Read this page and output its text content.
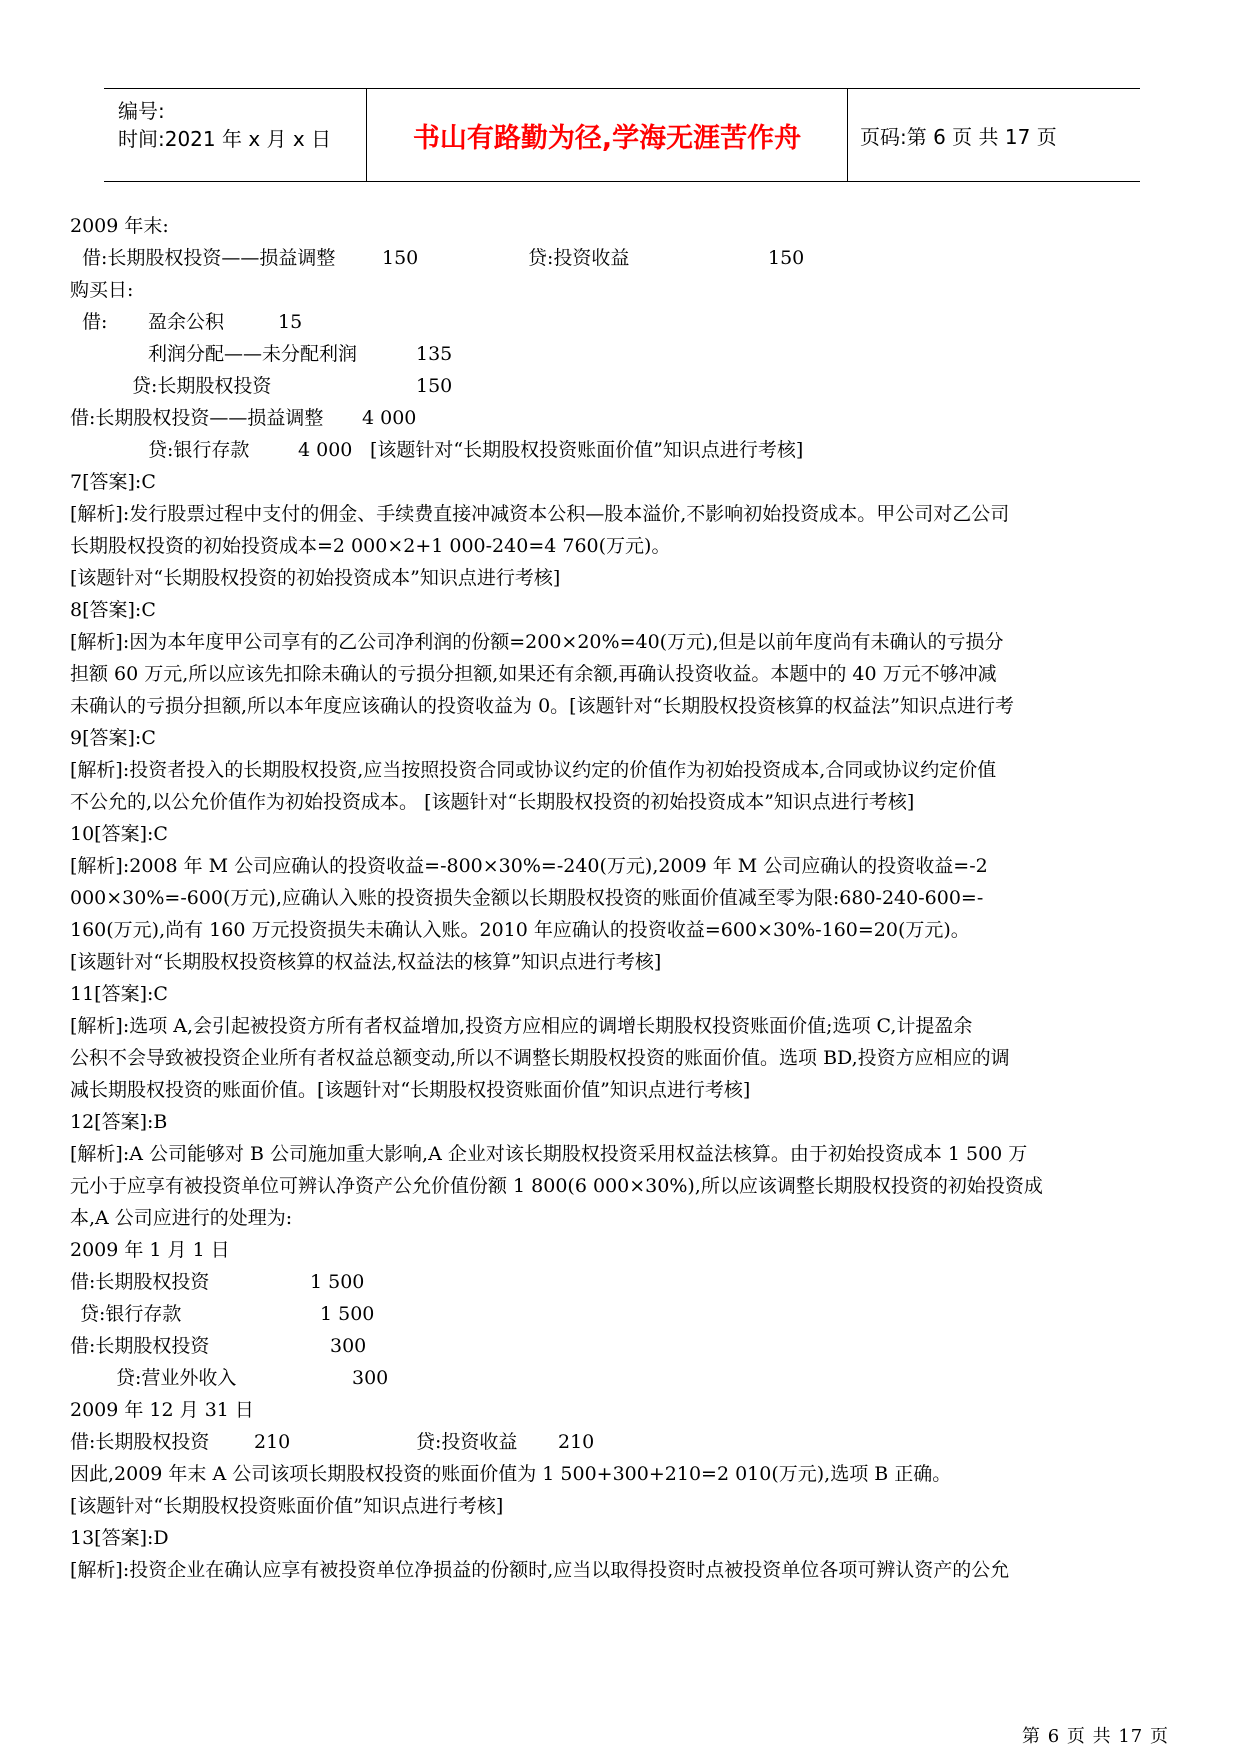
编号:
时间:2021 年 x 月 x 日	书山有路勤为径,学海无涯苦作舟	页码:第 6 页 共 17 页
2009 年末:
借:长期股权投资——损益调整 150	贷:投资收益	150
购买日:
借: 盈余公积	15
利润分配——未分配利润	135
贷:长期股权投资	150
借:长期股权投资——损益调整 4 000
贷:银行存款	4 000 [该题针对“长期股权投资账面价值”知识点进行考核]
7[答案]:C
[解析]:发行股票过程中支付的佣金、手续费直接冲减资本公积—股本溢价,不影响初始投资成本。甲公司对乙公司
长期股权投资的初始投资成本=2 000×2+1 000-240=4 760(万元)。
[该题针对“长期股权投资的初始投资成本”知识点进行考核]
8[答案]:C
[解析]:因为本年度甲公司享有的乙公司净利润的份额=200×20%=40(万元),但是以前年度尚有未确认的亏损分
担额 60 万元,所以应该先扣除未确认的亏损分担额,如果还有余额,再确认投资收益。本题中的 40 万元不够冲减
未确认的亏损分担额,所以本年度应该确认的投资收益为 0。[该题针对“长期股权投资核算的权益法”知识点进行考
9[答案]:C
[解析]:投资者投入的长期股权投资,应当按照投资合同或协议约定的价值作为初始投资成本,合同或协议约定价值
不公允的,以公允价值作为初始投资成本。 [该题针对“长期股权投资的初始投资成本”知识点进行考核]
10[答案]:C
[解析]:2008 年 M 公司应确认的投资收益=-800×30%=-240(万元),2009 年 M 公司应确认的投资收益=-2
000×30%=-600(万元),应确认入账的投资损失金额以长期股权投资的账面价值减至零为限:680-240-600=-
160(万元),尚有 160 万元投资损失未确认入账。2010 年应确认的投资收益=600×30%-160=20(万元)。
[该题针对“长期股权投资核算的权益法,权益法的核算”知识点进行考核]
11[答案]:C
[解析]:选项 A,会引起被投资方所有者权益增加,投资方应相应的调增长期股权投资账面价值;选项 C,计提盈余
公积不会导致被投资企业所有者权益总额变动,所以不调整长期股权投资的账面价值。选项 BD,投资方应相应的调
减长期股权投资的账面价值。[该题针对“长期股权投资账面价值”知识点进行考核]
12[答案]:B
[解析]:A 公司能够对 B 公司施加重大影响,A 企业对该长期股权投资采用权益法核算。由于初始投资成本 1 500 万
元小于应享有被投资单位可辨认净资产公允价值份额 1 800(6 000×30%),所以应该调整长期股权投资的初始投资成
本,A 公司应进行的处理为:
2009 年 1 月 1 日
借:长期股权投资	1 500
贷:银行存款	1 500
借:长期股权投资	300
贷:营业外收入	300
2009 年 12 月 31 日
借:长期股权投资 210	贷:投资收益 210
因此,2009 年末 A 公司该项长期股权投资的账面价值为 1 500+300+210=2 010(万元),选项 B 正确。
[该题针对“长期股权投资账面价值”知识点进行考核]
13[答案]:D
[解析]:投资企业在确认应享有被投资单位净损益的份额时,应当以取得投资时点被投资单位各项可辨认资产的公允
第 6 页 共 17 页
